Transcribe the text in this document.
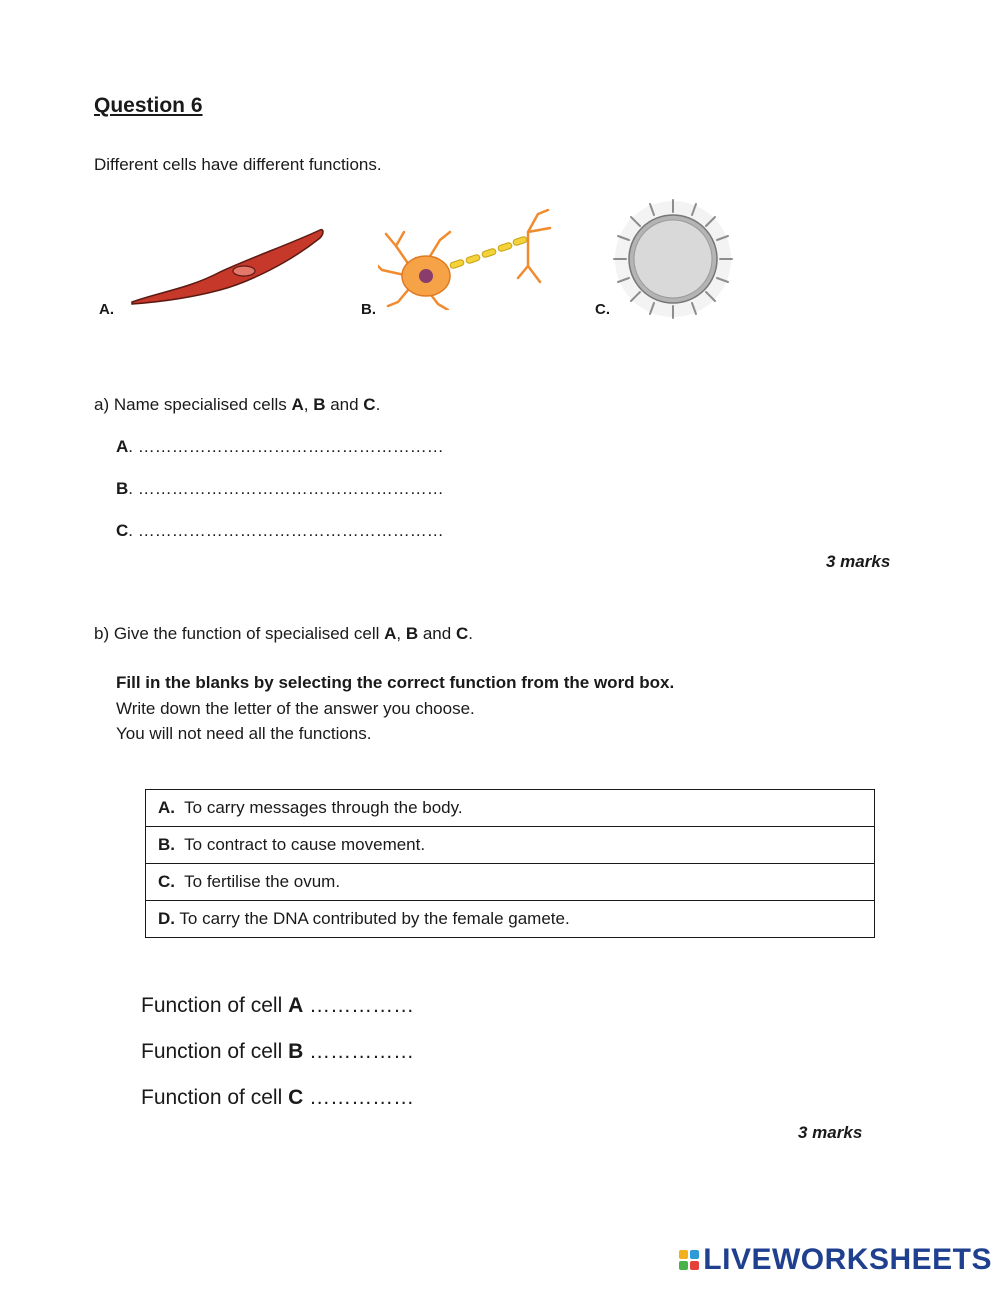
Question 6
Different cells have different functions.
A.	B.	C.
a) Name specialised cells A, B and C.
A. ………………………………………………
B. ………………………………………………
C. ………………………………………………
3 marks
b) Give the function of specialised cell A, B and C.
Fill in the blanks by selecting the correct function from the word box.
Write down the letter of the answer you choose.
You will not need all the functions.
A. To carry messages through the body.
B. To contract to cause movement.
C. To fertilise the ovum.
D. To carry the DNA contributed by the female gamete.
Function of cell A ……………
Function of cell B ……………
Function of cell C ……………
3 marks
LIVEWORKSHEETS
